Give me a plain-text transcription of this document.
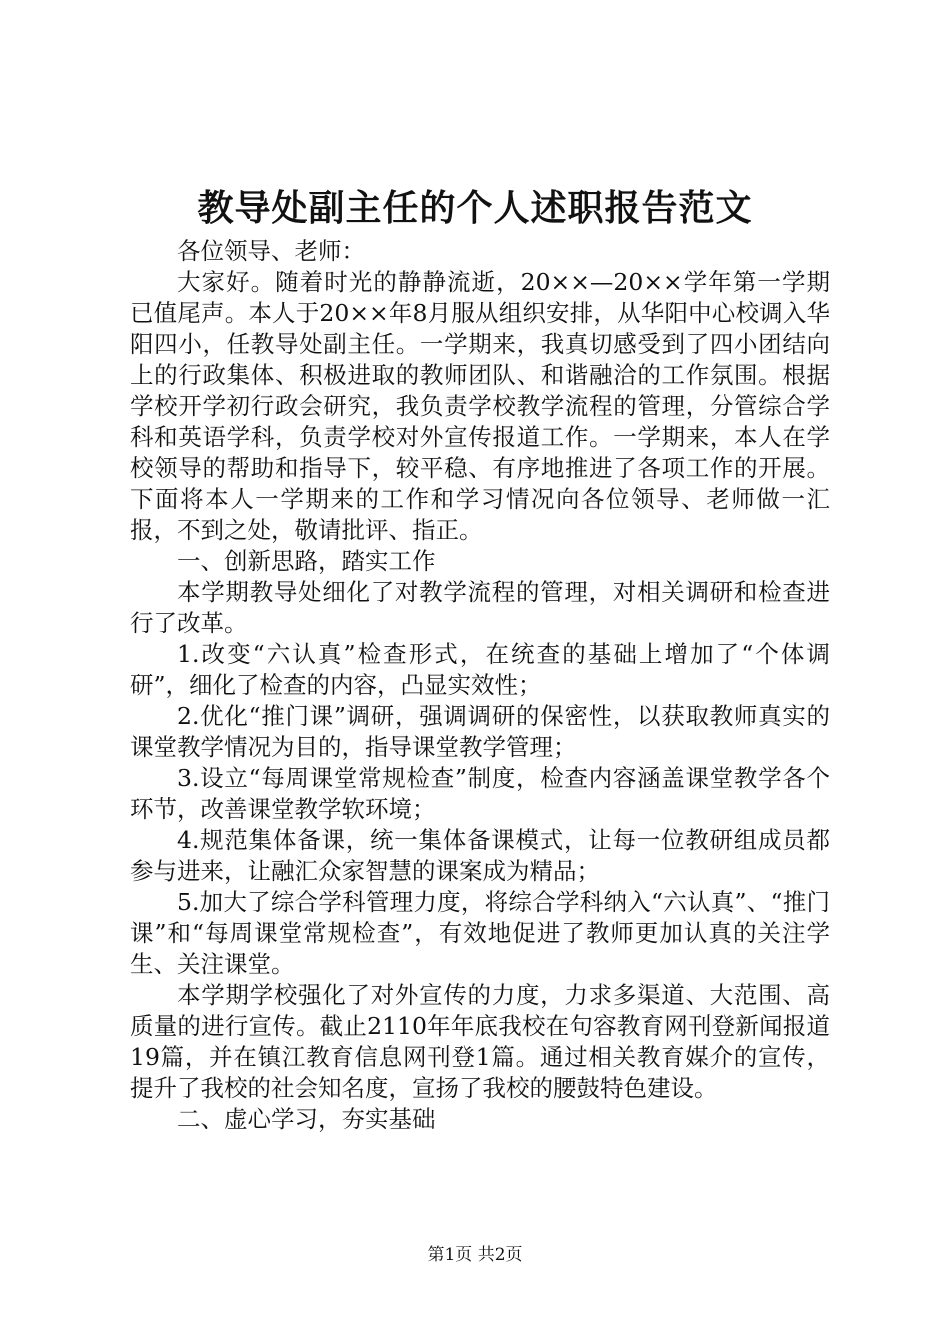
教导处副主任的个人述职报告范文

各位领导、老师：

大家好。随着时光的静静流逝，20××—20××学年第一学期已值尾声。本人于20××年8月服从组织安排，从华阳中心校调入华阳四小，任教导处副主任。一学期来，我真切感受到了四小团结向上的行政集体、积极进取的教师团队、和谐融洽的工作氛围。根据学校开学初行政会研究，我负责学校教学流程的管理，分管综合学科和英语学科，负责学校对外宣传报道工作。一学期来，本人在学校领导的帮助和指导下，较平稳、有序地推进了各项工作的开展。下面将本人一学期来的工作和学习情况向各位领导、老师做一汇报，不到之处，敬请批评、指正。

一、创新思路，踏实工作

本学期教导处细化了对教学流程的管理，对相关调研和检查进行了改革。

1.改变“六认真”检查形式，在统查的基础上增加了“个体调研”，细化了检查的内容，凸显实效性；

2.优化“推门课”调研，强调调研的保密性，以获取教师真实的课堂教学情况为目的，指导课堂教学管理；

3.设立“每周课堂常规检查”制度，检查内容涵盖课堂教学各个环节，改善课堂教学软环境；

4.规范集体备课，统一集体备课模式，让每一位教研组成员都参与进来，让融汇众家智慧的课案成为精品；

5.加大了综合学科管理力度，将综合学科纳入“六认真”、“推门课”和“每周课堂常规检查”，有效地促进了教师更加认真的关注学生、关注课堂。

本学期学校强化了对外宣传的力度，力求多渠道、大范围、高质量的进行宣传。截止2110年年底我校在句容教育网刊登新闻报道19篇，并在镇江教育信息网刊登1篇。通过相关教育媒介的宣传，提升了我校的社会知名度，宣扬了我校的腰鼓特色建设。

二、虚心学习，夯实基础

第1页 共2页
